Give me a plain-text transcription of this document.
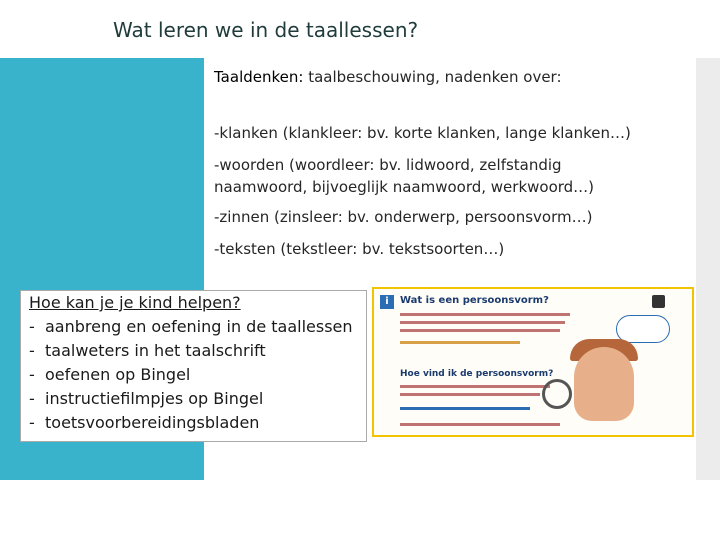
Wat leren we in de taallessen?
Taaldenken: taalbeschouwing, nadenken over:
-klanken (klankleer: bv. korte klanken, lange klanken…)
-woorden (woordleer: bv. lidwoord, zelfstandig naamwoord, bijvoeglijk naamwoord, werkwoord…)
-zinnen (zinsleer: bv. onderwerp, persoonsvorm…)
-teksten (tekstleer: bv. tekstsoorten…)
Hoe kan je je kind helpen?
- aanbreng en oefening in de taallessen
- taalweters in het taalschrift
- oefenen op Bingel
- instructiefilmpjes op Bingel
- toetsvoorbereidingsbladen
i	Wat is een persoonsvorm?
Hoe vind ik de persoonsvorm?
